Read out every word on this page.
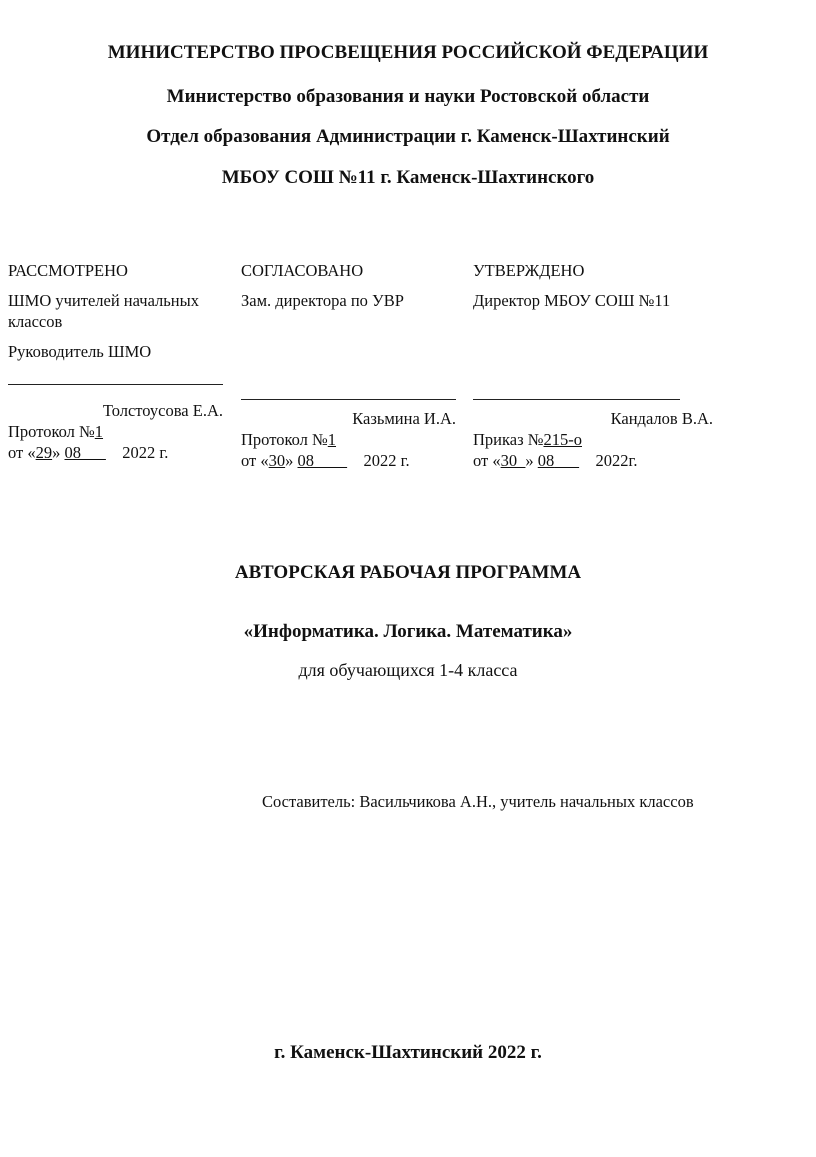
МИНИСТЕРСТВО ПРОСВЕЩЕНИЯ РОССИЙСКОЙ ФЕДЕРАЦИИ
Министерство образования и науки Ростовской области
Отдел образования Администрации г. Каменск-Шахтинский
МБОУ СОШ №11 г. Каменск-Шахтинского
РАССМОТРЕНО
ШМО учителей начальных
классов
Руководитель ШМО
Толстоусова Е.А.
Протокол №1
от «29» 08___ 2022 г.
СОГЛАСОВАНО
Зам. директора по УВР
Казьмина И.А.
Протокол №1
от «30» 08____ 2022 г.
УТВЕРЖДЕНО
Директор МБОУ СОШ №11
Кандалов В.А.
Приказ №215-о
от «30_» 08___ 2022г.
АВТОРСКАЯ РАБОЧАЯ ПРОГРАММА
«Информатика. Логика. Математика»
для обучающихся 1-4 класса
Составитель: Васильчикова А.Н., учитель начальных классов
г. Каменск-Шахтинский 2022 г.
